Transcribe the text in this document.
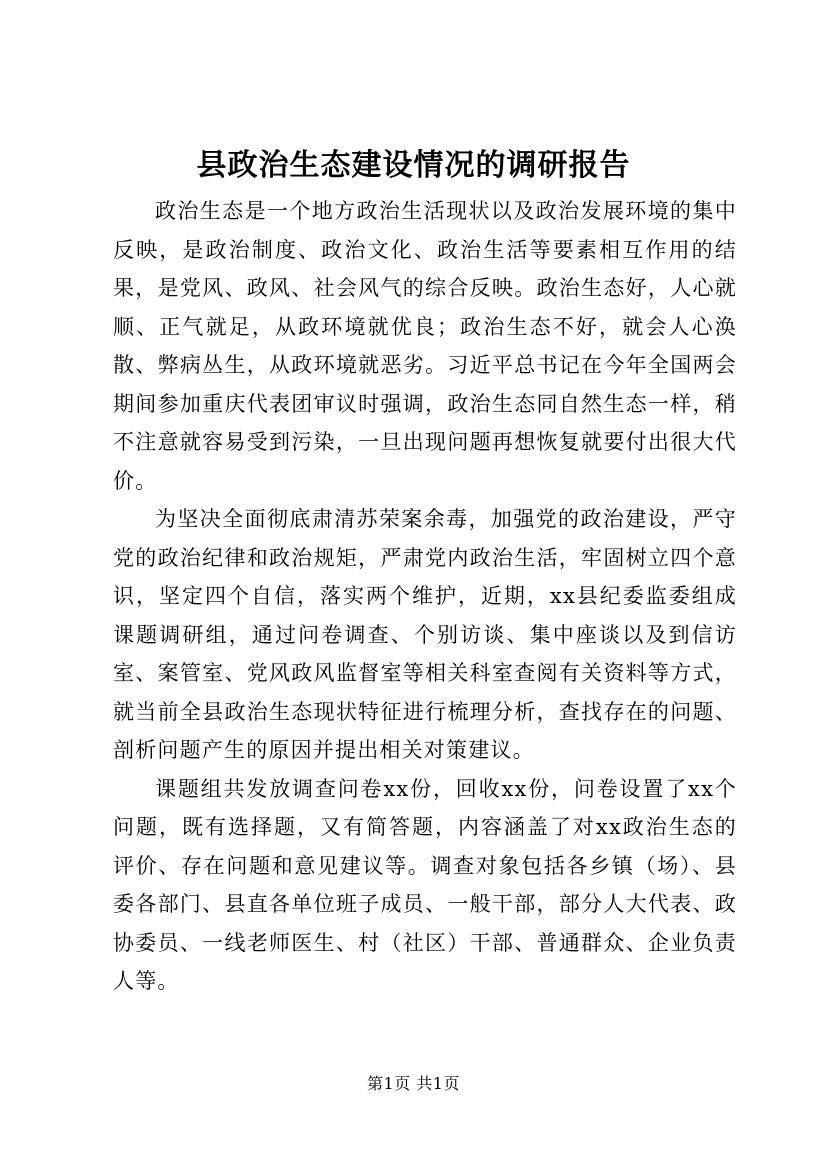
县政治生态建设情况的调研报告

政治生态是一个地方政治生活现状以及政治发展环境的集中反映，是政治制度、政治文化、政治生活等要素相互作用的结果，是党风、政风、社会风气的综合反映。政治生态好，人心就顺、正气就足，从政环境就优良；政治生态不好，就会人心涣散、弊病丛生，从政环境就恶劣。习近平总书记在今年全国两会期间参加重庆代表团审议时强调，政治生态同自然生态一样，稍不注意就容易受到污染，一旦出现问题再想恢复就要付出很大代价。

为坚决全面彻底肃清苏荣案余毒，加强党的政治建设，严守党的政治纪律和政治规矩，严肃党内政治生活，牢固树立四个意识，坚定四个自信，落实两个维护，近期，xx县纪委监委组成课题调研组，通过问卷调查、个别访谈、集中座谈以及到信访室、案管室、党风政风监督室等相关科室查阅有关资料等方式，就当前全县政治生态现状特征进行梳理分析，查找存在的问题、剖析问题产生的原因并提出相关对策建议。

课题组共发放调查问卷xx份，回收xx份，问卷设置了xx个问题，既有选择题，又有简答题，内容涵盖了对xx政治生态的评价、存在问题和意见建议等。调查对象包括各乡镇（场）、县委各部门、县直各单位班子成员、一般干部，部分人大代表、政协委员、一线老师医生、村（社区）干部、普通群众、企业负责人等。

第1页 共1页
